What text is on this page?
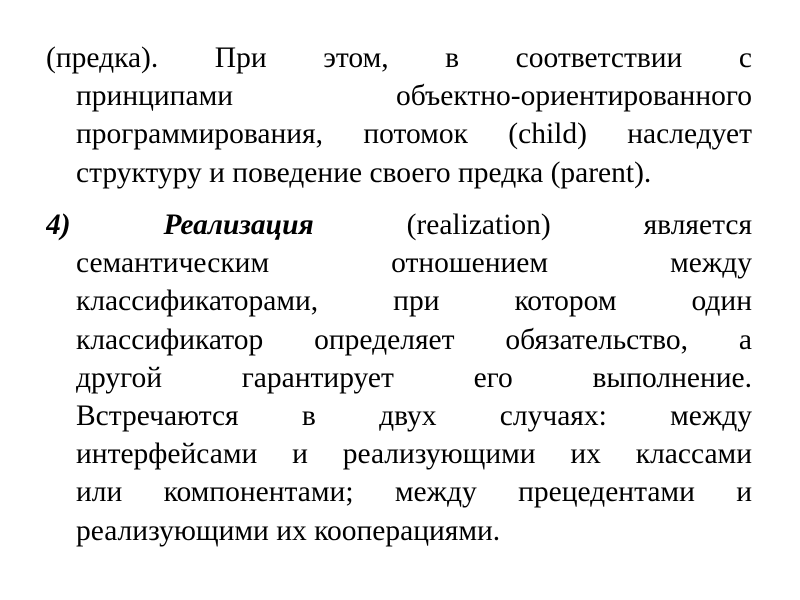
(предка). При этом, в соответствии с
принципами объектно-ориентированного
программирования, потомок (child) наследует
структуру и поведение своего предка (parent).
4)	Реализация	(realization) является
семантическим отношением между
классификаторами, при котором один
классификатор определяет обязательство, а
другой гарантирует его выполнение.
Встречаются в двух случаях: между
интерфейсами и реализующими их классами
или компонентами; между прецедентами и
реализующими их кооперациями.
